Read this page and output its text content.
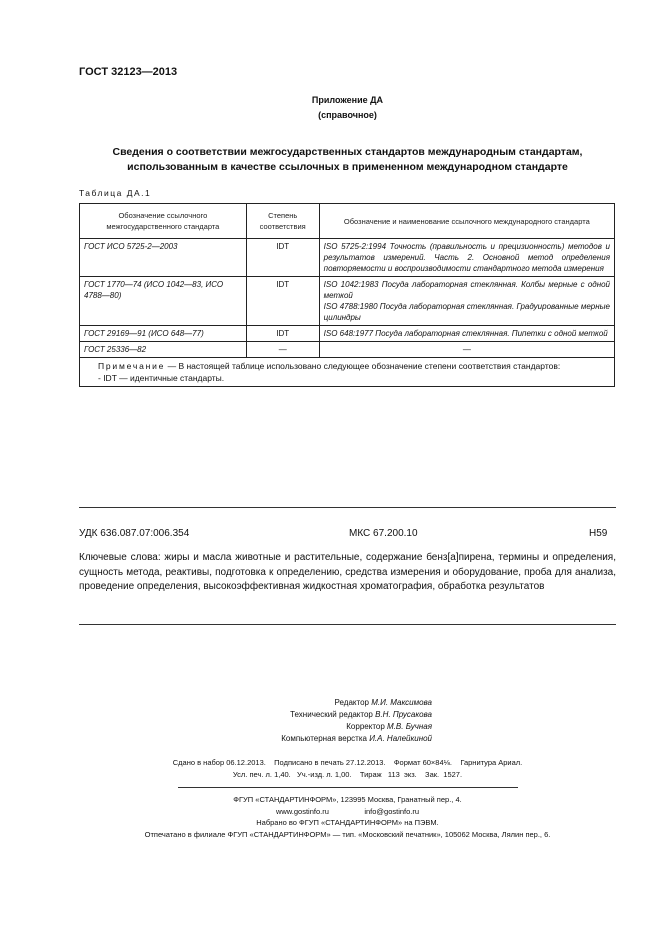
ГОСТ 32123—2013
Приложение ДА
(справочное)
Сведения о соответствии межгосударственных стандартов международным стандартам,
использованным в качестве ссылочных в примененном международном стандарте
Таблица ДА.1
Обозначение ссылочного межгосударственного стандарта	Степень соответствия	Обозначение и наименование ссылочного международного стандарта
ГОСТ ИСО 5725-2—2003	IDT	ISO 5725-2:1994 Точность (правильность и прецизионность) методов и результатов измерений. Часть 2. Основной метод определения повторяемости и воспроизводимости стандартного метода измерения
ГОСТ 1770—74 (ИСО 1042—83, ИСО 4788—80)	IDT	ISO 1042:1983 Посуда лабораторная стеклянная. Колбы мерные с одной меткой
ISO 4788:1980 Посуда лабораторная стеклянная. Градуированные мерные цилиндры

ГОСТ 29169—91 (ИСО 648—77)	IDT	ISO 648:1977 Посуда лабораторная стеклянная. Пипетки с одной меткой
ГОСТ 25336—82	—	—

Примечание — В настоящей таблице использовано следующее обозначение степени соответствия стандартов:
- IDT — идентичные стандарты.		
УДК 636.087.07:006.354	МКС 67.200.10	Н59
Ключевые слова: жиры и масла животные и растительные, содержание бенз[а]пирена, термины и определения, сущность метода, реактивы, подготовка к определению, средства измерения и оборудование, проба для анализа, проведение определения, высокоэффективная жидкостная хроматография, обработка результатов
Редактор М.И. Максимова
Технический редактор В.Н. Прусакова
Корректор М.В. Бучная
Компьютерная верстка И.А. Налейкиной
Сдано в набор 06.12.2013.    Подписано в печать 27.12.2013.    Формат 60×84⅛.    Гарнитура Ариал.
Усл. печ. л. 1,40.   Уч.-изд. л. 1,00.    Тираж   113  экз.    Зак.  1527.
ФГУП «СТАНДАРТИНФОРМ», 123995 Москва, Гранатный пер., 4.
www.gostinfo.ru                 info@gostinfo.ru
Набрано во ФГУП «СТАНДАРТИНФОРМ» на ПЭВМ.
Отпечатано в филиале ФГУП «СТАНДАРТИНФОРМ» — тип. «Московский печатник», 105062 Москва, Лялин пер., 6.
